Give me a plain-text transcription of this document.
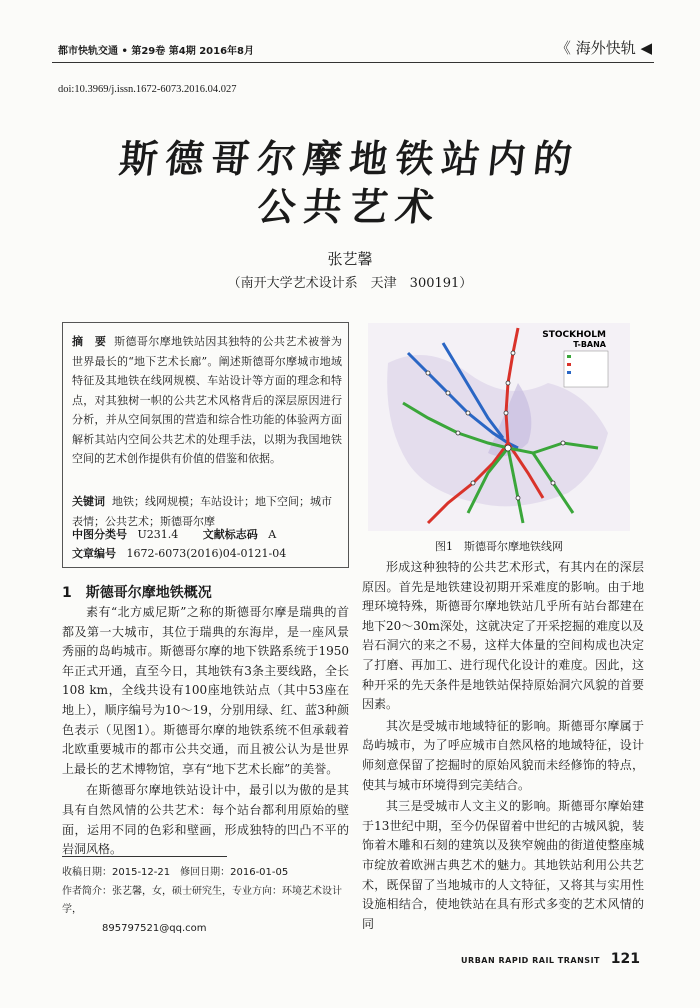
都市快轨交通 • 第29卷 第4期 2016年8月	《 海外快轨 ◀
doi:10.3969/j.issn.1672-6073.2016.04.027
斯德哥尔摩地铁站内的
公共艺术
张艺馨
（南开大学艺术设计系　天津　300191）
摘　要 斯德哥尔摩地铁站因其独特的公共艺术被誉为世界最长的“地下艺术长廊”。阐述斯德哥尔摩城市地域特征及其地铁在线网规模、车站设计等方面的理念和特点，对其独树一帜的公共艺术风格背后的深层原因进行分析，并从空间氛围的营造和综合性功能的体验两方面解析其站内空间公共艺术的处理手法，以期为我国地铁空间的艺术创作提供有价值的借鉴和依据。
关键词 地铁；线网规模；车站设计；地下空间；城市表情；公共艺术；斯德哥尔摩
中图分类号 U231.4 文献标志码 A
文章编号 1672-6073(2016)04-0121-04
STOCKHOLM
T-BANA
图1　斯德哥尔摩地铁线网
1　斯德哥尔摩地铁概况

素有“北方威尼斯”之称的斯德哥尔摩是瑞典的首都及第一大城市，其位于瑞典的东海岸，是一座风景秀丽的岛屿城市。斯德哥尔摩的地下铁路系统于1950年正式开通，直至今日，其地铁有3条主要线路，全长108 km，全线共设有100座地铁站点（其中53座在地上），顺序编号为10～19，分别用绿、红、蓝3种颜色表示（见图1）。斯德哥尔摩的地铁系统不但承载着北欧重要城市的都市公共交通，而且被公认为是世界上最长的艺术博物馆，享有“地下艺术长廊”的美誉。

在斯德哥尔摩地铁站设计中，最引以为傲的是其具有自然风情的公共艺术：每个站台都利用原始的壁面，运用不同的色彩和壁画，形成独特的凹凸不平的岩洞风格。

形成这种独特的公共艺术形式，有其内在的深层原因。首先是地铁建设初期开采难度的影响。由于地理环境特殊，斯德哥尔摩地铁站几乎所有站台都建在地下20～30m深处，这就决定了开采挖掘的难度以及岩石洞穴的来之不易，这样大体量的空间构成也决定了打磨、再加工、进行现代化设计的难度。因此，这种开采的先天条件是地铁站保持原始洞穴风貌的首要因素。

其次是受城市地域特征的影响。斯德哥尔摩属于岛屿城市，为了呼应城市自然风格的地域特征，设计师刻意保留了挖掘时的原始风貌而未经修饰的特点，使其与城市环境得到完美结合。

其三是受城市人文主义的影响。斯德哥尔摩始建于13世纪中期，至今仍保留着中世纪的古城风貌，装饰着木雕和石刻的建筑以及狭窄婉曲的街道使整座城市绽放着欧洲古典艺术的魅力。其地铁站利用公共艺术，既保留了当地城市的人文特征，又将其与实用性设施相结合，使地铁站在具有形式多变的艺术风情的同

收稿日期：2015-12-21　修回日期：2016-01-05
作者简介：张艺馨，女，硕士研究生，专业方向：环境艺术设计学，
895797521@qq.com
URBAN RAPID RAIL TRANSIT 121
